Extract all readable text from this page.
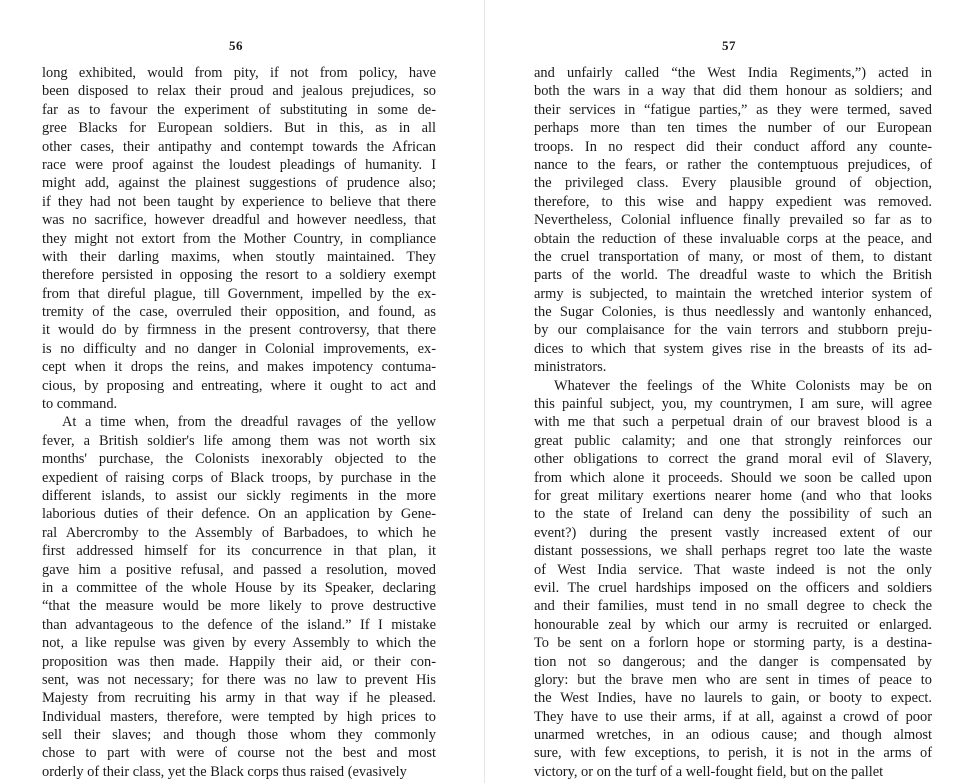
56
long exhibited, would from pity, if not from policy, have
been disposed to relax their proud and jealous prejudices, so
far as to favour the experiment of substituting in some de-
gree Blacks for European soldiers. But in this, as in all
other cases, their antipathy and contempt towards the African
race were proof against the loudest pleadings of humanity. I
might add, against the plainest suggestions of prudence also;
if they had not been taught by experience to believe that there
was no sacrifice, however dreadful and however needless, that
they might not extort from the Mother Country, in compliance
with their darling maxims, when stoutly maintained. They
therefore persisted in opposing the resort to a soldiery exempt
from that direful plague, till Government, impelled by the ex-
tremity of the case, overruled their opposition, and found, as
it would do by firmness in the present controversy, that there
is no difficulty and no danger in Colonial improvements, ex-
cept when it drops the reins, and makes impotency contuma-
cious, by proposing and entreating, where it ought to act and
to command.
At a time when, from the dreadful ravages of the yellow
fever, a British soldier's life among them was not worth six
months' purchase, the Colonists inexorably objected to the
expedient of raising corps of Black troops, by purchase in the
different islands, to assist our sickly regiments in the more
laborious duties of their defence. On an application by Gene-
ral Abercromby to the Assembly of Barbadoes, to which he
first addressed himself for its concurrence in that plan, it
gave him a positive refusal, and passed a resolution, moved
in a committee of the whole House by its Speaker, declaring
“that the measure would be more likely to prove destructive
than advantageous to the defence of the island.” If I mistake
not, a like repulse was given by every Assembly to which the
proposition was then made. Happily their aid, or their con-
sent, was not necessary; for there was no law to prevent His
Majesty from recruiting his army in that way if he pleased.
Individual masters, therefore, were tempted by high prices to
sell their slaves; and though those whom they commonly
chose to part with were of course not the best and most
orderly of their class, yet the Black corps thus raised (evasively
57
and unfairly called “the West India Regiments,”) acted in
both the wars in a way that did them honour as soldiers; and
their services in “fatigue parties,” as they were termed, saved
perhaps more than ten times the number of our European
troops. In no respect did their conduct afford any counte-
nance to the fears, or rather the contemptuous prejudices, of
the privileged class. Every plausible ground of objection,
therefore, to this wise and happy expedient was removed.
Nevertheless, Colonial influence finally prevailed so far as to
obtain the reduction of these invaluable corps at the peace, and
the cruel transportation of many, or most of them, to distant
parts of the world. The dreadful waste to which the British
army is subjected, to maintain the wretched interior system of
the Sugar Colonies, is thus needlessly and wantonly enhanced,
by our complaisance for the vain terrors and stubborn preju-
dices to which that system gives rise in the breasts of its ad-
ministrators.
Whatever the feelings of the White Colonists may be on
this painful subject, you, my countrymen, I am sure, will agree
with me that such a perpetual drain of our bravest blood is a
great public calamity; and one that strongly reinforces our
other obligations to correct the grand moral evil of Slavery,
from which alone it proceeds. Should we soon be called upon
for great military exertions nearer home (and who that looks
to the state of Ireland can deny the possibility of such an
event?) during the present vastly increased extent of our
distant possessions, we shall perhaps regret too late the waste
of West India service. That waste indeed is not the only
evil. The cruel hardships imposed on the officers and soldiers
and their families, must tend in no small degree to check the
honourable zeal by which our army is recruited or enlarged.
To be sent on a forlorn hope or storming party, is a destina-
tion not so dangerous; and the danger is compensated by
glory: but the brave men who are sent in times of peace to
the West Indies, have no laurels to gain, or booty to expect.
They have to use their arms, if at all, against a crowd of poor
unarmed wretches, in an odious cause; and though almost
sure, with few exceptions, to perish, it is not in the arms of
victory, or on the turf of a well-fought field, but on the pallet
